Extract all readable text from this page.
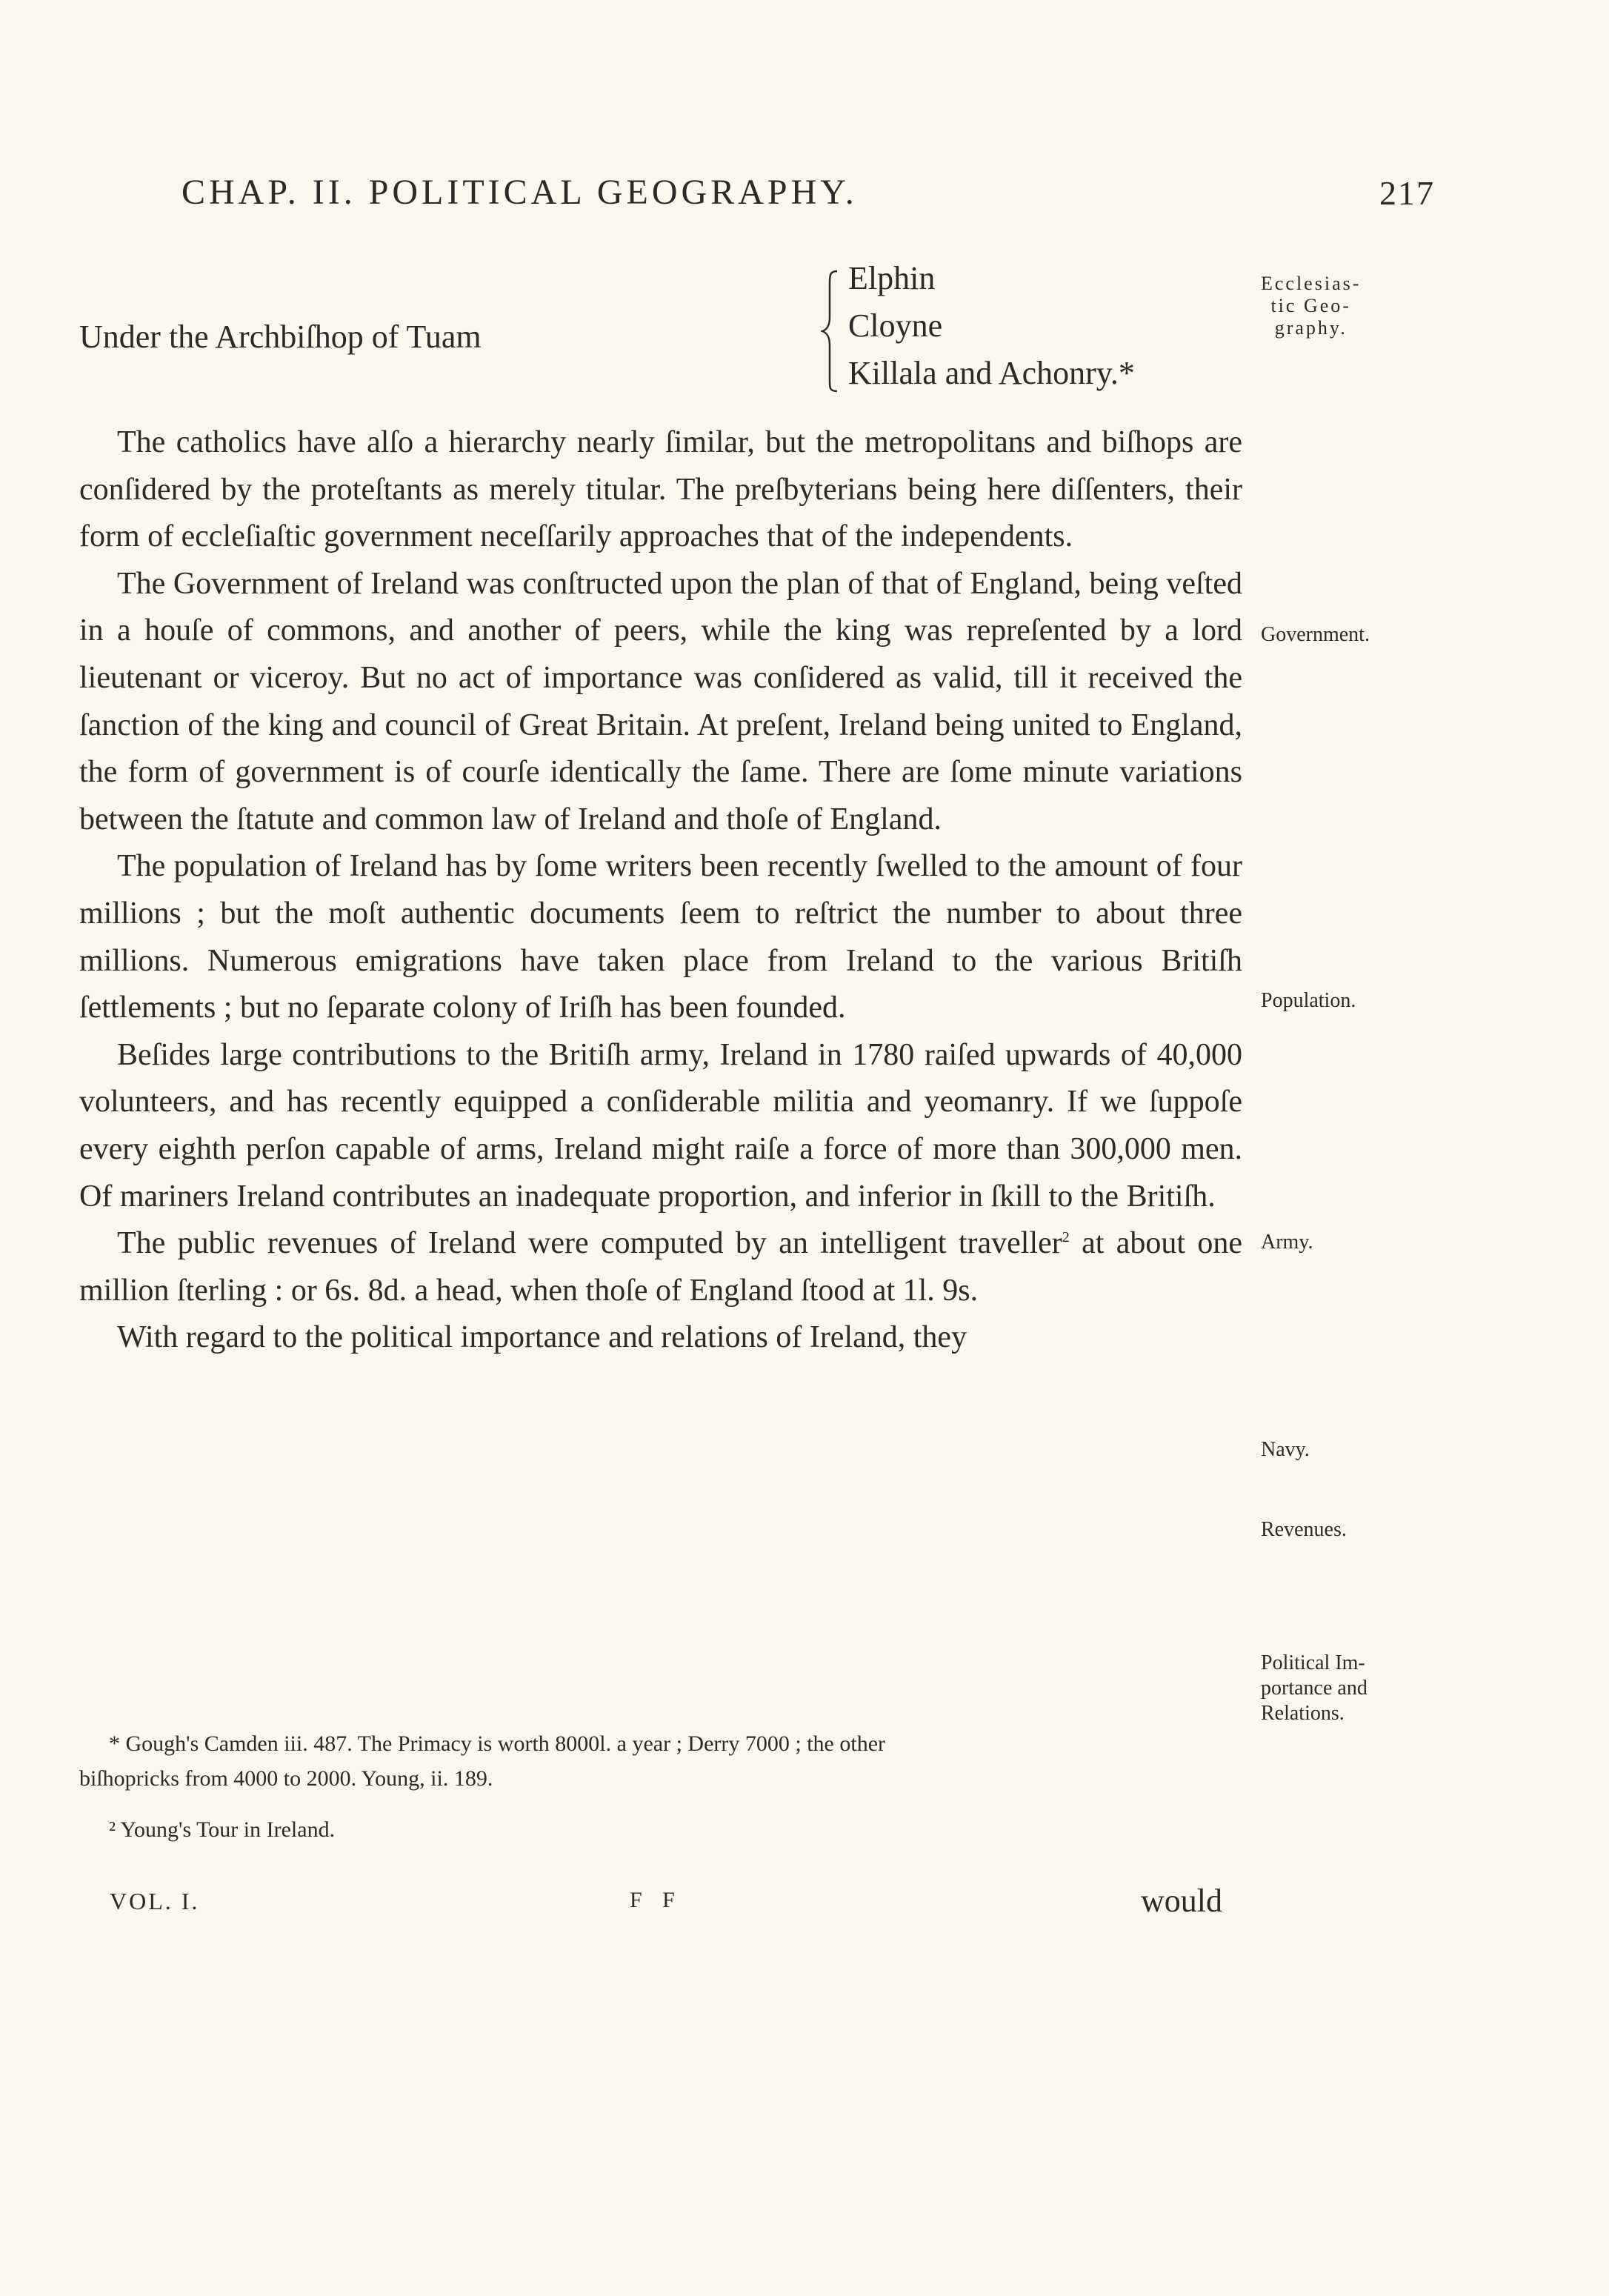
CHAP. II. POLITICAL GEOGRAPHY.	217
Under the Archbiſhop of Tuam
Elphin
Cloyne
Killala and Achonry.*

The catholics have alſo a hierarchy nearly ſimilar, but the metropolitans and biſhops are conſidered by the proteſtants as merely titular. The preſbyterians being here diſſenters, their form of eccleſiaſtic government neceſſarily approaches that of the independents.

The Government of Ireland was conſtructed upon the plan of that of England, being veſted in a houſe of commons, and another of peers, while the king was repreſented by a lord lieutenant or viceroy. But no act of importance was conſidered as valid, till it received the ſanction of the king and council of Great Britain. At preſent, Ireland being united to England, the form of government is of courſe identically the ſame. There are ſome minute variations between the ſtatute and common law of Ireland and thoſe of England.

The population of Ireland has by ſome writers been recently ſwelled to the amount of four millions ; but the moſt authentic documents ſeem to reſtrict the number to about three millions. Numerous emigrations have taken place from Ireland to the various Britiſh ſettlements ; but no ſeparate colony of Iriſh has been founded.

Beſides large contributions to the Britiſh army, Ireland in 1780 raiſed upwards of 40,000 volunteers, and has recently equipped a conſiderable militia and yeomanry. If we ſuppoſe every eighth perſon capable of arms, Ireland might raiſe a force of more than 300,000 men. Of mariners Ireland contributes an inadequate proportion, and inferior in ſkill to the Britiſh.

The public revenues of Ireland were computed by an intelligent traveller$^2$ at about one million ſterling : or 6s. 8d. a head, when thoſe of England ſtood at 1l. 9s.

With regard to the political importance and relations of Ireland, they

Ecclesias-
tic Geo-
graphy.
Government.
Population.
Army.
Navy.
Revenues.
Political Im-
portance and
Relations.

* Gough's Camden iii. 487. The Primacy is worth 8000l. a year ; Derry 7000 ; the other

biſhopricks from 4000 to 2000. Young, ii. 189.

² Young's Tour in Ireland.

VOL. I.	F F	would
